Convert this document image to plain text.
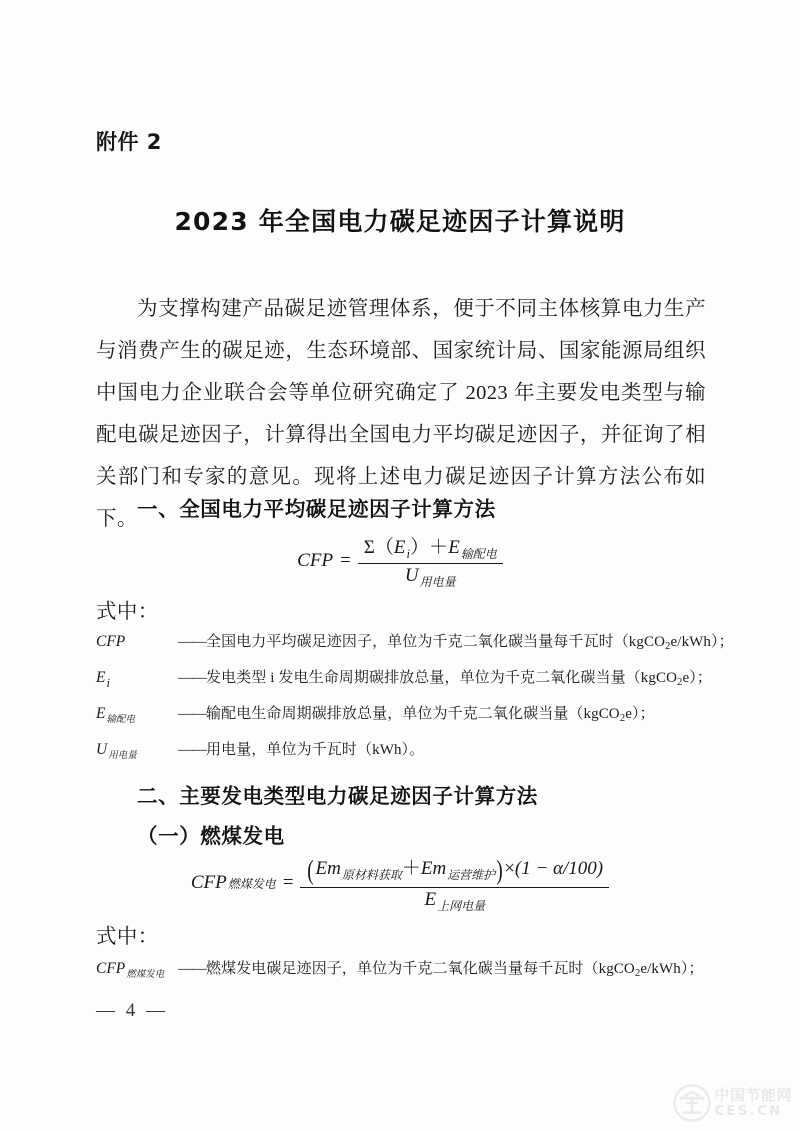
附件 2
2023 年全国电力碳足迹因子计算说明
为支撑构建产品碳足迹管理体系，便于不同主体核算电力生产与消费产生的碳足迹，生态环境部、国家统计局、国家能源局组织中国电力企业联合会等单位研究确定了 2023 年主要发电类型与输配电碳足迹因子，计算得出全国电力平均碳足迹因子，并征询了相关部门和专家的意见。现将上述电力碳足迹因子计算方法公布如下。 一、全国电力平均碳足迹因子计算方法
CFP = $\frac{\Sigma(E_i)+E_{输配电}}{U_{用电量}}$
式中：
CFP	——全国电力平均碳足迹因子，单位为千克二氧化碳当量每千瓦时（kgCO$_2$e/kWh）；
$E_i$	——发电类型 i 发电生命周期碳排放总量，单位为千克二氧化碳当量（kgCO$_2$e）；
$E_{输配电}$	——输配电生命周期碳排放总量，单位为千克二氧化碳当量（kgCO$_2$e）；
$U_{用电量}$	——用电量，单位为千瓦时（kWh）。
二、主要发电类型电力碳足迹因子计算方法
（一）燃煤发电
CFP 燃煤发电 = $\frac{(Em_{原材料获取}+Em_{运营维护})\times(1 - \alpha/100)}{E_{上网电量}}$
式中：
$CFP_{燃煤发电}$ ——燃煤发电碳足迹因子，单位为千克二氧化碳当量每千瓦时（kgCO$_2$e/kWh）；
— 4 —
中国节能网
CES.CN
